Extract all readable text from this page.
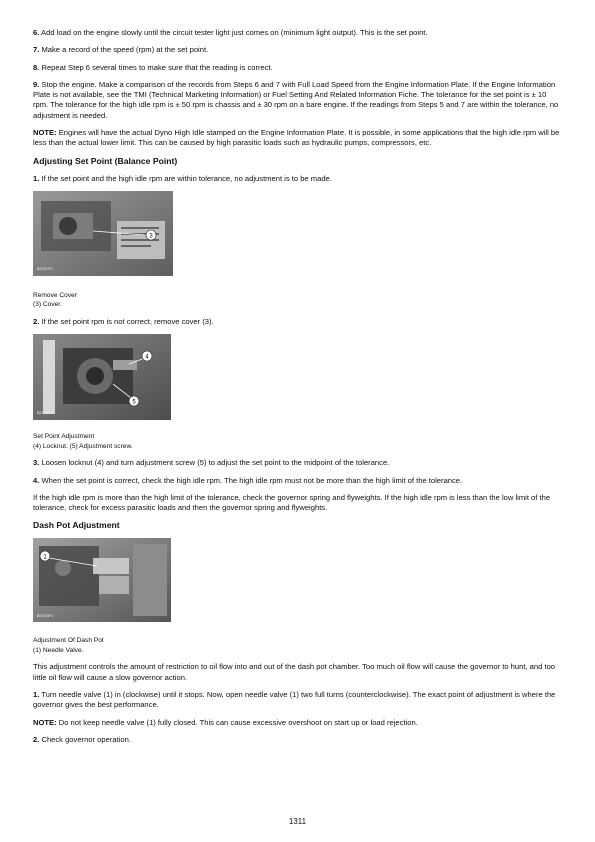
6. Add load on the engine slowly until the circuit tester light just comes on (minimum light output). This is the set point.

7. Make a record of the speed (rpm) at the set point.

8. Repeat Step 6 several times to make sure that the reading is correct.

9. Stop the engine. Make a comparison of the records from Steps 6 and 7 with Full Load Speed from the Engine Information Plate. If the Engine Information Plate is not available, see the TMI (Technical Marketing Information) or Fuel Setting And Related Information Fiche. The tolerance for the set point is ± 10 rpm. The tolerance for the high idle rpm is ± 50 rpm is chassis and ± 30 rpm on a bare engine. If the readings from Steps 5 and 7 are within the tolerance, no adjustment is needed.

NOTE: Engines will have the actual Dyno High Idle stamped on the Engine Information Plate. It is possible, in some applications that the high idle rpm will be less than the actual lower limit. This can be caused by high parasitic loads such as hydraulic pumps, compressors, etc.

Adjusting Set Point (Balance Point)

1. If the set point and the high idle rpm are within tolerance, no adjustment is to be made.

3
B87637P1

Remove Cover

(3) Cover.

2. If the set point rpm is not correct, remove cover (3).

4
5
B87638P1

Set Point Adjustment

(4) Locknut. (5) Adjustment screw.

3. Loosen locknut (4) and turn adjustment screw (5) to adjust the set point to the midpoint of the tolerance.

4. When the set point is correct, check the high idle rpm. The high idle rpm must not be more than the high limit of the tolerance.

If the high idle rpm is more than the high limit of the tolerance, check the governor spring and flyweights. If the high idle rpm is less than the low limit of the tolerance, check for excess parasitic loads and then the governor spring and flyweights.

Dash Pot Adjustment
1
B87639P1

Adjustment Of Dash Pot

(1) Needle Valve.

This adjustment controls the amount of restriction to oil flow into and out of the dash pot chamber. Too much oil flow will cause the governor to hunt, and too little oil flow will cause a slow governor action.

1. Turn needle valve (1) in (clockwise) until it stops. Now, open needle valve (1) two full turns (counterclockwise). The exact point of adjustment is where the governor gives the best performance.

NOTE: Do not keep needle valve (1) fully closed. This can cause excessive overshoot on start up or load rejection.

2. Check governor operation.

1311
